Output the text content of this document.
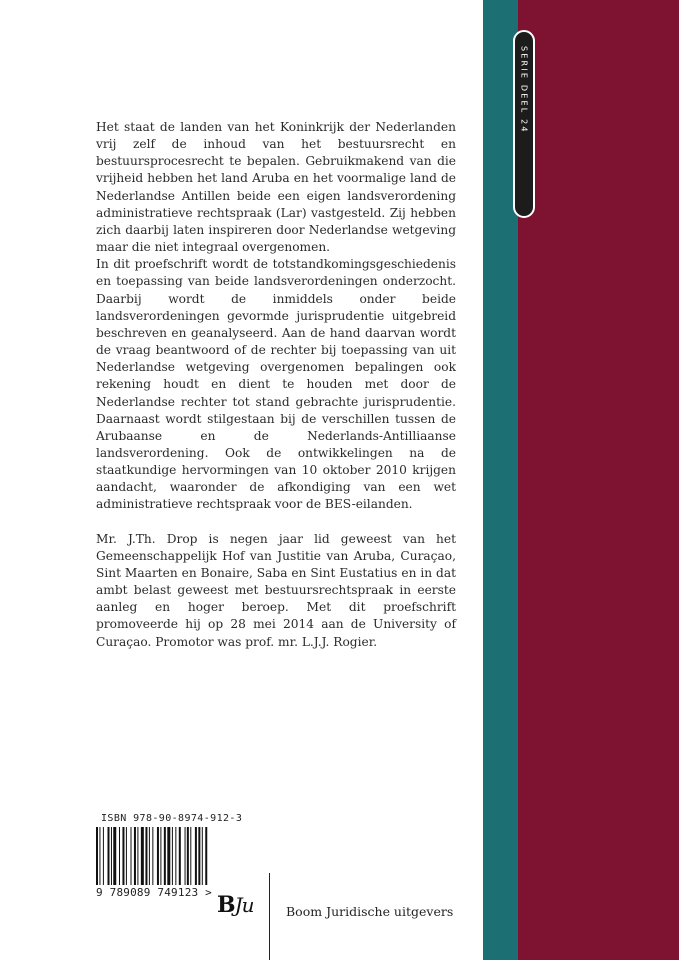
SERIE DEEL 24

Het staat de landen van het Koninkrijk der Nederlanden vrij zelf de inhoud van het bestuursrecht en bestuursprocesrecht te bepalen. Gebruikmakend van die vrijheid hebben het land Aruba en het voormalige land de Nederlandse Antillen beide een eigen landsverordening administratieve rechtspraak (Lar) vastgesteld. Zij hebben zich daarbij laten inspireren door Nederlandse wetgeving maar die niet integraal overgenomen.

In dit proefschrift wordt de totstandkomingsgeschiedenis en toepassing van beide landsverordeningen onderzocht. Daarbij wordt de inmiddels onder beide landsverordeningen gevormde jurisprudentie uitgebreid beschreven en geanalyseerd. Aan de hand daarvan wordt de vraag beantwoord of de rechter bij toepassing van uit Nederlandse wetgeving overgenomen bepalingen ook rekening houdt en dient te houden met door de Nederlandse rechter tot stand gebrachte jurisprudentie. Daarnaast wordt stilgestaan bij de verschillen tussen de Arubaanse en de Nederlands-Antilliaanse landsverordening. Ook de ontwikkelingen na de staatkundige hervormingen van 10 oktober 2010 krijgen aandacht, waaronder de afkondiging van een wet administratieve rechtspraak voor de BES-eilanden.

Mr. J.Th. Drop is negen jaar lid geweest van het Gemeenschappelijk Hof van Justitie van Aruba, Curaçao, Sint Maarten en Bonaire, Saba en Sint Eustatius en in dat ambt belast geweest met bestuursrechtspraak in eerste aanleg en hoger beroep. Met dit proefschrift promoveerde hij op 28 mei 2014 aan de University of Curaçao. Promotor was prof. mr. L.J.J. Rogier.

ISBN 978-90-8974-912-3
9 789089 749123 > BJu	Boom Juridische uitgevers
